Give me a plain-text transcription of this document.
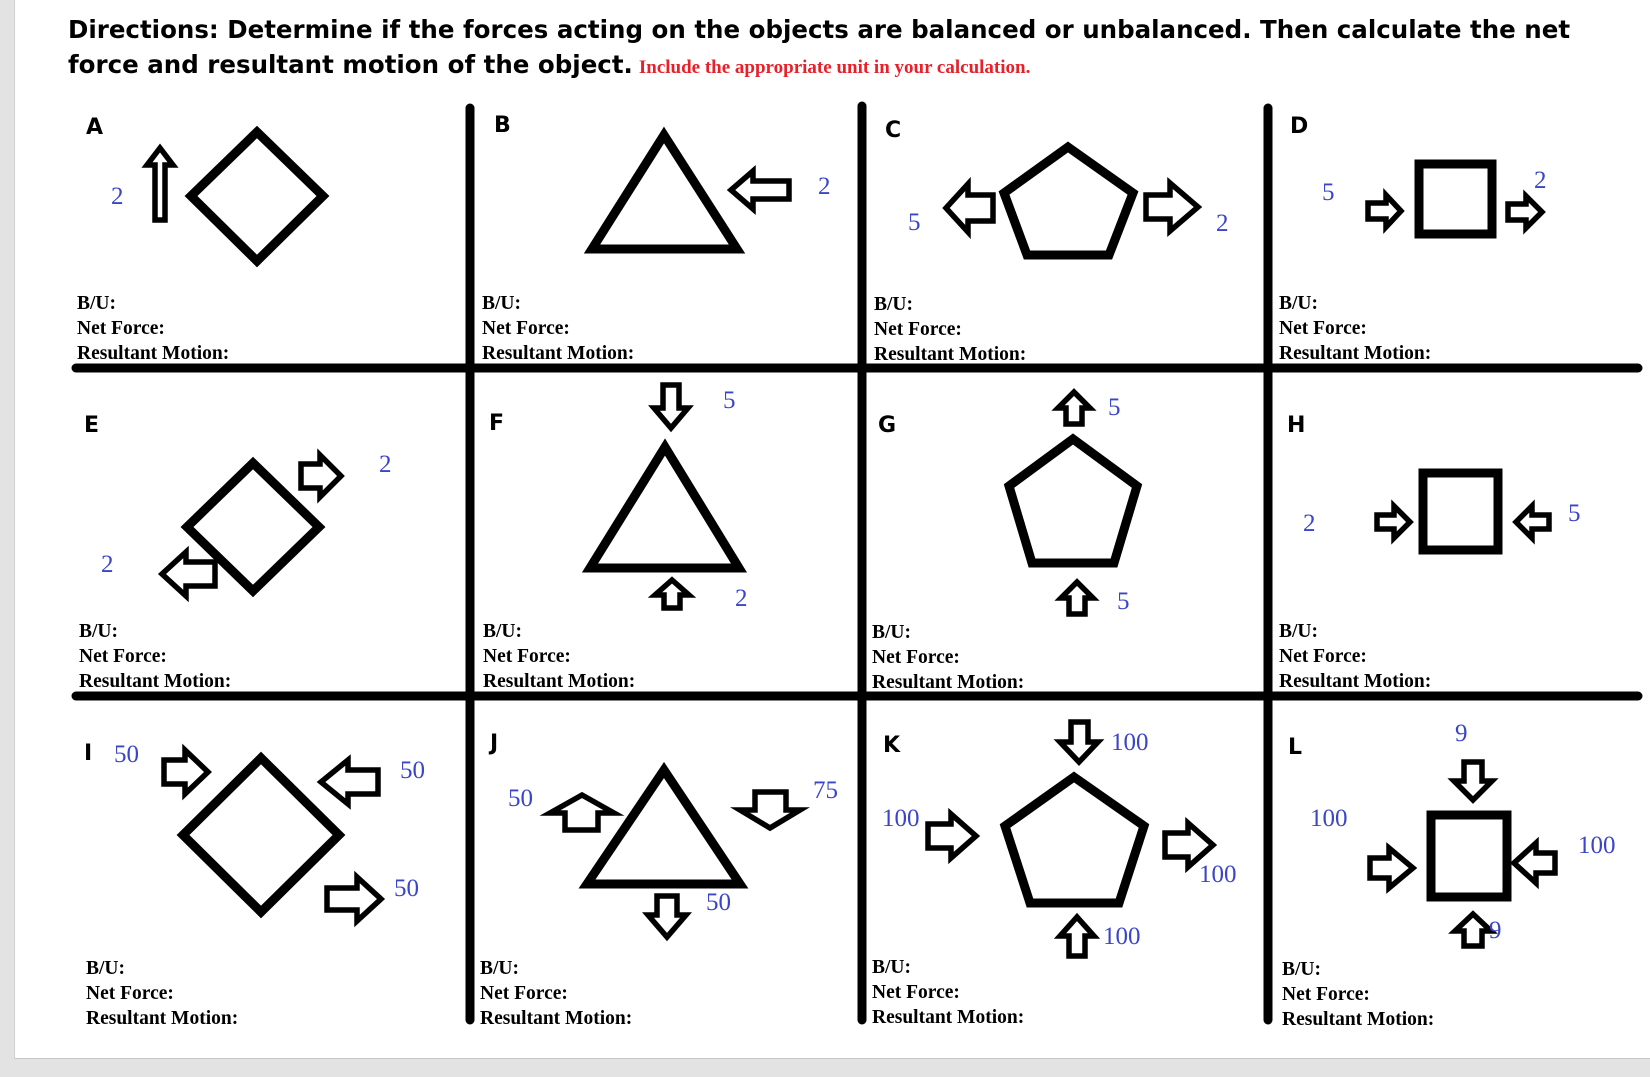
Directions: Determine if the forces acting on the objects are balanced or unbalanced. Then calculate the net force and resultant motion of the object. Include the appropriate unit in your calculation.
A
2
B/U:
Net Force:
Resultant Motion:
B
2
B/U:
Net Force:
Resultant Motion:
C
5	2
B/U:
Net Force:
Resultant Motion:
D
5	2
B/U:
Net Force:
Resultant Motion:
E
2
2
B/U:
Net Force:
Resultant Motion:
F
5
2
B/U:
Net Force:
Resultant Motion:
G
5
5
B/U:
Net Force:
Resultant Motion:
H
2	5
B/U:
Net Force:
Resultant Motion:
I 50
50
50
B/U:
Net Force:
Resultant Motion:
J
50	75
50
B/U:
Net Force:
Resultant Motion:
K	100
100
100
100
B/U:
Net Force:
Resultant Motion:
L
9
100
100
9
B/U:
Net Force:
Resultant Motion:
